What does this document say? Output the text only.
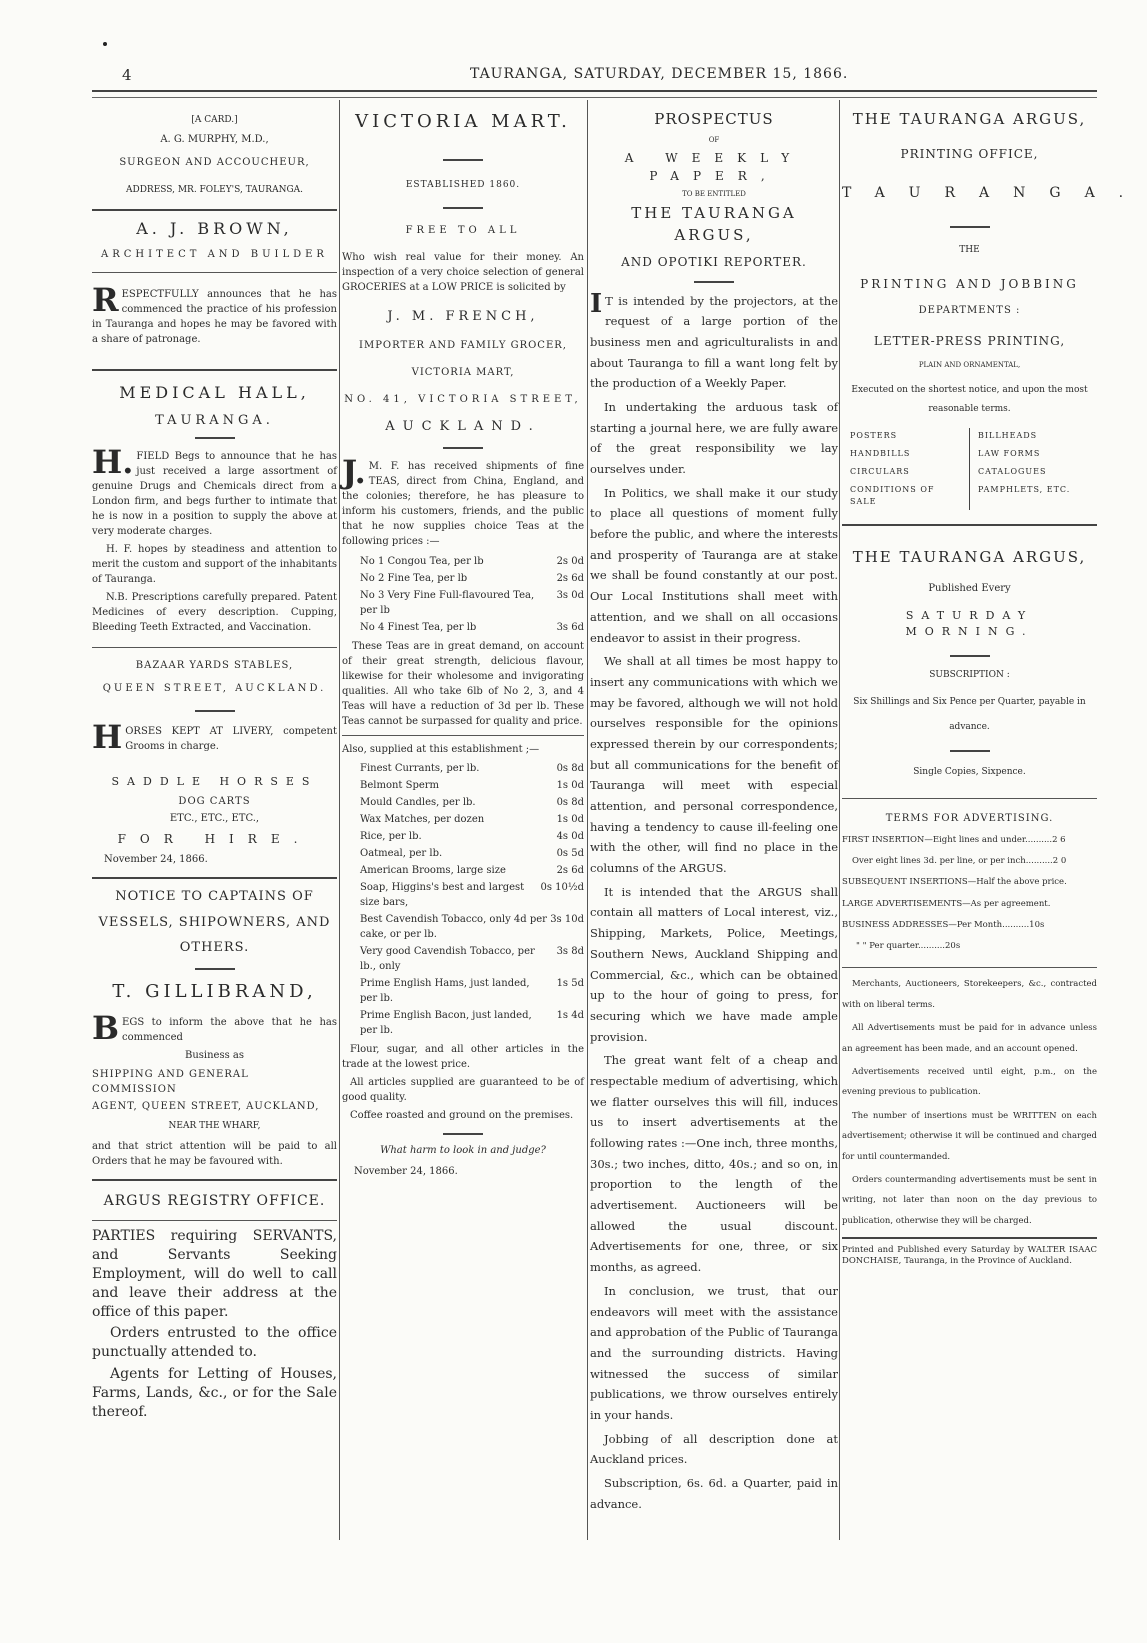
4	TAURANGA, SATURDAY, DECEMBER 15, 1866.
[A CARD.]
A. G. MURPHY, M.D.,
SURGEON AND ACCOUCHEUR,
ADDRESS, MR. FOLEY'S, TAURANGA.
A. J. BROWN,
ARCHITECT AND BUILDER

RESPECTFULLY announces that he has commenced the practice of his profession in Tauranga and hopes he may be favored with a share of patronage.

MEDICAL HALL,
TAURANGA.

H. FIELD Begs to announce that he has just received a large assortment of genuine Drugs and Chemicals direct from a London firm, and begs further to intimate that he is now in a position to supply the above at very moderate charges.

H. F. hopes by steadiness and attention to merit the custom and support of the inhabitants of Tauranga.

N.B. Prescriptions carefully prepared. Patent Medicines of every description. Cupping, Bleeding Teeth Extracted, and Vaccination.

BAZAAR YARDS STABLES,
QUEEN STREET, AUCKLAND.

HORSES KEPT AT LIVERY, competent Grooms in charge.

SADDLE HORSES
DOG CARTS
ETC., ETC., ETC.,
FOR HIRE.
November 24, 1866.
NOTICE TO CAPTAINS OF
VESSELS, SHIPOWNERS, AND
OTHERS.
T. GILLIBRAND,

BEGS to inform the above that he has commenced

Business as
SHIPPING AND GENERAL COMMISSION
AGENT, QUEEN STREET, AUCKLAND,
NEAR THE WHARF,

and that strict attention will be paid to all Orders that he may be favoured with.

ARGUS REGISTRY OFFICE.

PARTIES requiring SERVANTS, and Servants Seeking Employment, will do well to call and leave their address at the office of this paper.

Orders entrusted to the office punctually attended to.

Agents for Letting of Houses, Farms, Lands, &c., or for the Sale thereof.

VICTORIA MART.
ESTABLISHED 1860.
FREE TO ALL

Who wish real value for their money. An inspection of a very choice selection of general GROCERIES at a LOW PRICE is solicited by

J. M. FRENCH,
IMPORTER AND FAMILY GROCER,
VICTORIA MART,
NO. 41, VICTORIA STREET,
AUCKLAND.

J. M. F. has received shipments of fine TEAS, direct from China, England, and the colonies; therefore, he has pleasure to inform his customers, friends, and the public that he now supplies choice Teas at the following prices :—

No 1 Congou Tea, per lb	2s 0d
No 2 Fine Tea, per lb	2s 6d
No 3 Very Fine Full-flavoured Tea, per lb
3s 0d
No 4 Finest Tea, per lb	3s 6d

These Teas are in great demand, on account of their great strength, delicious flavour, likewise for their wholesome and invigorating qualities. All who take 6lb of No 2, 3, and 4 Teas will have a reduction of 3d per lb. These Teas cannot be surpassed for quality and price.

Also, supplied at this establishment ;—

Finest Currants, per lb.	0s 8d
Belmont Sperm	1s 0d
Mould Candles, per lb.	0s 8d
Wax Matches, per dozen	1s 0d
Rice, per lb.	4s 0d
Oatmeal, per lb.	0s 5d
American Brooms, large size	2s 6d
Soap, Higgins's best and largest size bars,
0s 10½d
Best Cavendish Tobacco, only 4d per cake, or per lb.
3s 10d
Very good Cavendish Tobacco, per lb., only
3s 8d
Prime English Hams, just landed, per lb.
1s 5d
Prime English Bacon, just landed, per lb.
1s 4d

Flour, sugar, and all other articles in the trade at the lowest price.

All articles supplied are guaranteed to be of good quality.

Coffee roasted and ground on the premises.

What harm to look in and judge?
November 24, 1866.
PROSPECTUS
OF
A WEEKLY PAPER,
TO BE ENTITLED
THE TAURANGA ARGUS,
AND OPOTIKI REPORTER.

I T is intended by the projectors, at the request of a large portion of the business men and agriculturalists in and about Tauranga to fill a want long felt by the production of a Weekly Paper.

In undertaking the arduous task of starting a journal here, we are fully aware of the great responsibility we lay ourselves under.

In Politics, we shall make it our study to place all questions of moment fully before the public, and where the interests and prosperity of Tauranga are at stake we shall be found constantly at our post. Our Local Institutions shall meet with attention, and we shall on all occasions endeavor to assist in their progress.

We shall at all times be most happy to insert any communications with which we may be favored, although we will not hold ourselves responsible for the opinions expressed therein by our correspondents; but all communications for the benefit of Tauranga will meet with especial attention, and personal correspondence, having a tendency to cause ill-feeling one with the other, will find no place in the columns of the ARGUS.

It is intended that the ARGUS shall contain all matters of Local interest, viz., Shipping, Markets, Police, Meetings, Southern News, Auckland Shipping and Commercial, &c., which can be obtained up to the hour of going to press, for securing which we have made ample provision.

The great want felt of a cheap and respectable medium of advertising, which we flatter ourselves this will fill, induces us to insert advertisements at the following rates :—One inch, three months, 30s.; two inches, ditto, 40s.; and so on, in proportion to the length of the advertisement. Auctioneers will be allowed the usual discount. Advertisements for one, three, or six months, as agreed.

In conclusion, we trust, that our endeavors will meet with the assistance and approbation of the Public of Tauranga and the surrounding districts. Having witnessed the success of similar publications, we throw ourselves entirely in your hands.

Jobbing of all description done at Auckland prices.

Subscription, 6s. 6d. a Quarter, paid in advance.

THE TAURANGA ARGUS,
PRINTING OFFICE,
TAURANGA.
THE
PRINTING AND JOBBING
DEPARTMENTS :
LETTER-PRESS PRINTING,
PLAIN AND ORNAMENTAL,

Executed on the shortest notice, and upon the most reasonable terms.

POSTERS
HANDBILLS
CIRCULARS
CONDITIONS OF SALE
BILLHEADS
LAW FORMS
CATALOGUES
PAMPHLETS, ETC.
THE TAURANGA ARGUS,
Published Every
SATURDAY MORNING.
SUBSCRIPTION :

Six Shillings and Six Pence per Quarter, payable in advance.

Single Copies, Sixpence.
TERMS FOR ADVERTISING.
FIRST INSERTION—Eight lines and under..........2 6
Over eight lines 3d. per line, or per inch..........2 0
SUBSEQUENT INSERTIONS—Half the above price.
LARGE ADVERTISEMENTS—As per agreement.
BUSINESS ADDRESSES—Per Month..........10s
" " Per quarter..........20s

Merchants, Auctioneers, Storekeepers, &c., contracted with on liberal terms.

All Advertisements must be paid for in advance unless an agreement has been made, and an account opened.

Advertisements received until eight, p.m., on the evening previous to publication.

The number of insertions must be WRITTEN on each advertisement; otherwise it will be continued and charged for until countermanded.

Orders countermanding advertisements must be sent in writing, not later than noon on the day previous to publication, otherwise they will be charged.

Printed and Published every Saturday by WALTER ISAAC DONCHAISE, Tauranga, in the Province of Auckland.
